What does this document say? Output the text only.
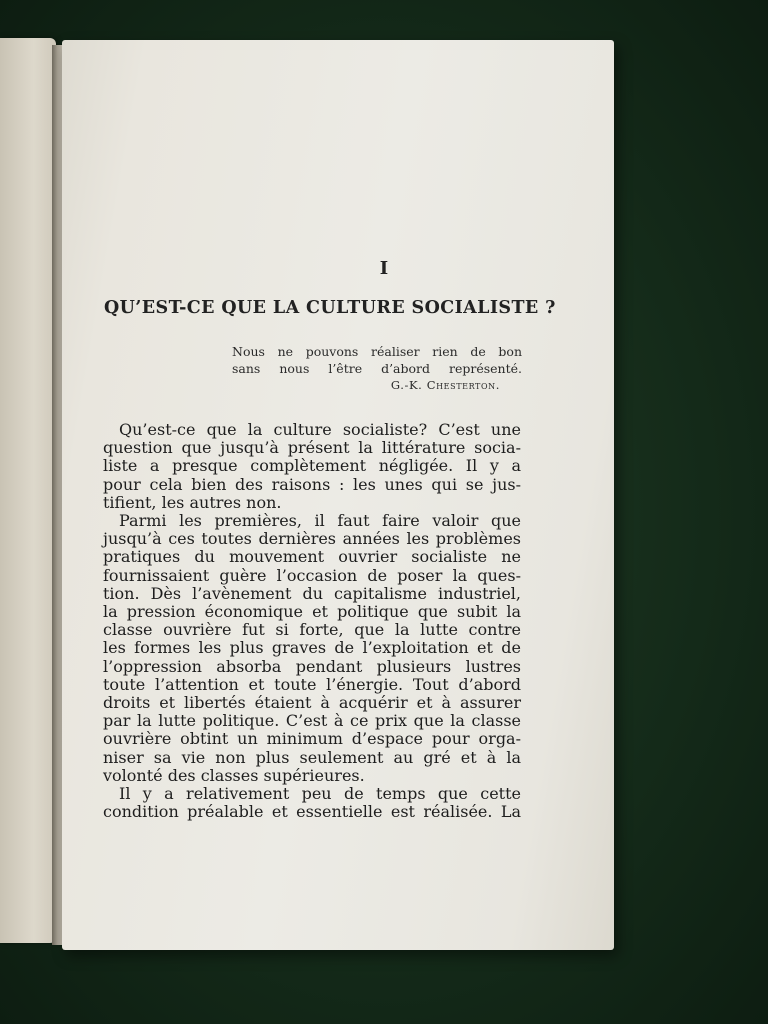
I
QU’EST-CE QUE LA CULTURE SOCIALISTE ?
Nous ne pouvons réaliser rien de bon
sans nous l’être d’abord représenté.
G.-K. Chesterton.
Qu’est-ce que la culture socialiste? C’est une
question que jusqu’à présent la littérature socia-
liste a presque complètement négligée. Il y a
pour cela bien des raisons : les unes qui se jus-
tifient, les autres non.
Parmi les premières, il faut faire valoir que
jusqu’à ces toutes dernières années les problèmes
pratiques du mouvement ouvrier socialiste ne
fournissaient guère l’occasion de poser la ques-
tion. Dès l’avènement du capitalisme industriel,
la pression économique et politique que subit la
classe ouvrière fut si forte, que la lutte contre
les formes les plus graves de l’exploitation et de
l’oppression absorba pendant plusieurs lustres
toute l’attention et toute l’énergie. Tout d’abord
droits et libertés étaient à acquérir et à assurer
par la lutte politique. C’est à ce prix que la classe
ouvrière obtint un minimum d’espace pour orga-
niser sa vie non plus seulement au gré et à la
volonté des classes supérieures.
Il y a relativement peu de temps que cette
condition préalable et essentielle est réalisée. La
